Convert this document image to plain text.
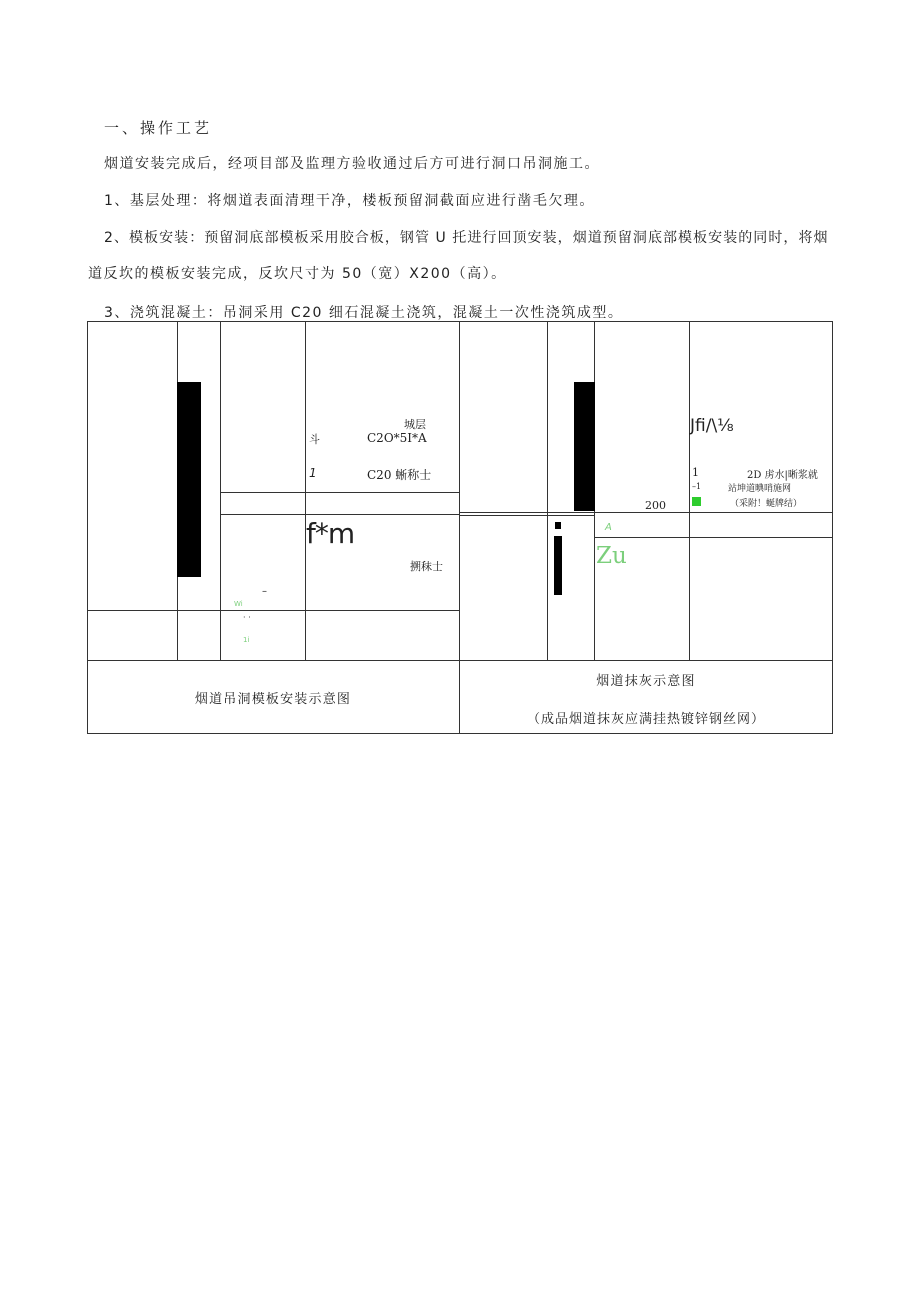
一、操作工艺
烟道安装完成后，经项目部及监理方验收通过后方可进行洞口吊洞施工。
1、基层处理：将烟道表面清理干净，楼板预留洞截面应进行凿毛欠理。
2、模板安装：预留洞底部模板采用胶合板，钢管 U 托进行回顶安装，烟道预留洞底部模板安装的同时，将烟
道反坎的模板安装完成，反坎尺寸为 50（宽）X200（高）。
3、浇筑混凝土：吊洞采用 C20 细石混凝土浇筑，混凝土一次性浇筑成型。
城层
斗	C2O*5I*A
1	C20 蜥称士
f*m
搠秣士
Wi
–
· ·
1i
200
Jfi/\⅛
1	2D 虏水|晰浆就
–1	站坤道晪哨施网
（采附！蜒牌结）
A
Zu
烟道吊洞模板安装示意图
烟道抹灰示意图
（成品烟道抹灰应满挂热镀锌钢丝网）
